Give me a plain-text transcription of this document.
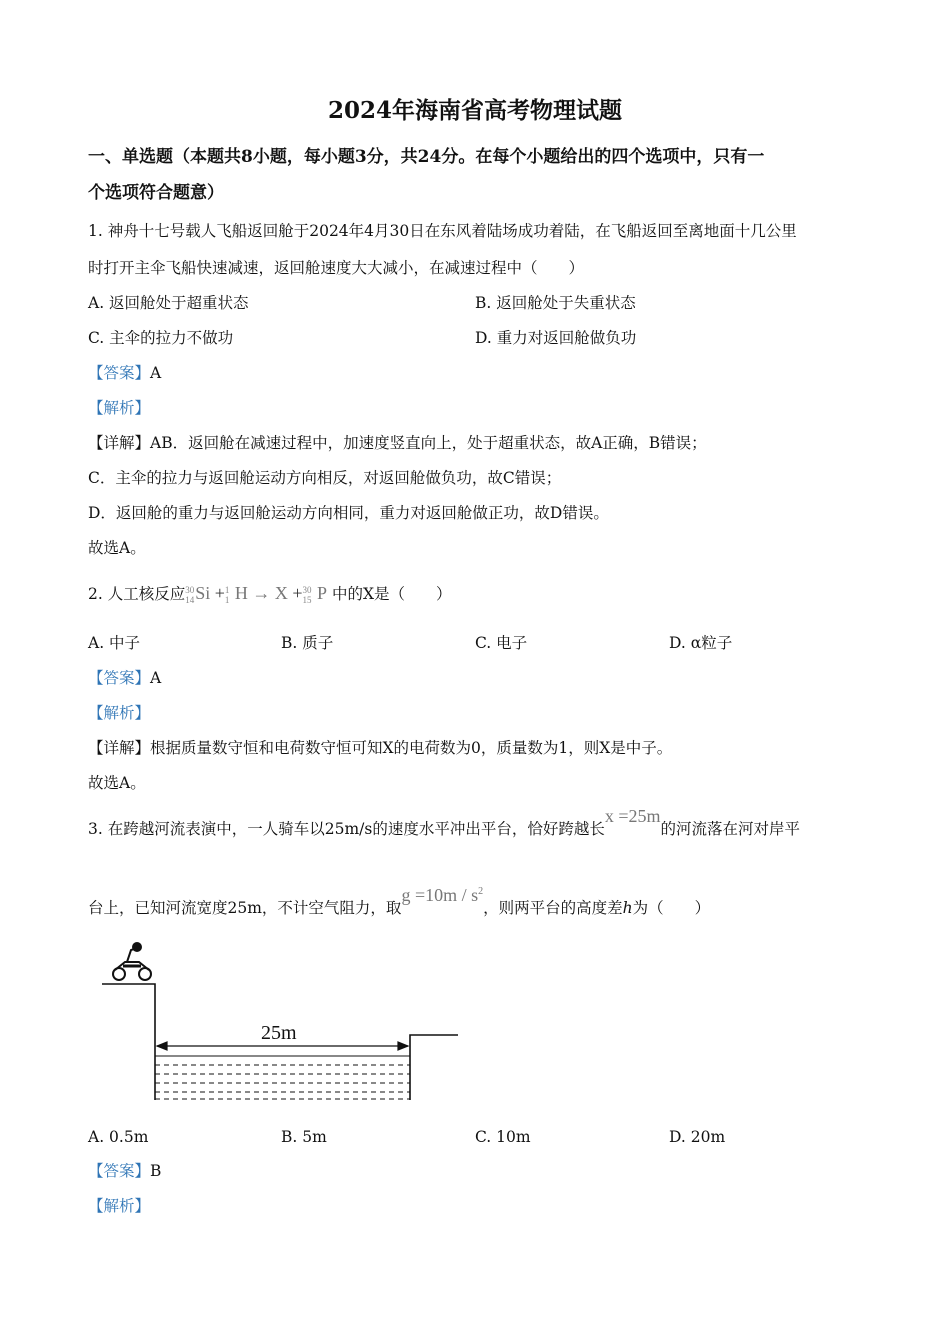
2024年海南省高考物理试题
一、单选题（本题共8小题，每小题3分，共24分。在每个小题给出的四个选项中，只有一
个选项符合题意）
1. 神舟十七号载人飞船返回舱于2024年4月30日在东风着陆场成功着陆，在飞船返回至离地面十几公里
时打开主伞飞船快速减速，返回舱速度大大减小，在减速过程中（　　）
A. 返回舱处于超重状态	B. 返回舱处于失重状态
C. 主伞的拉力不做功	D. 重力对返回舱做负功
【答案】A
【解析】
【详解】AB．返回舱在减速过程中，加速度竖直向上，处于超重状态，故A正确，B错误；
C．主伞的拉力与返回舱运动方向相反，对返回舱做负功，故C错误；
D．返回舱的重力与返回舱运动方向相同，重力对返回舱做正功，故D错误。
故选A。
2. 人工核反应30
14Si +1
1 H → X +30
15 P 中的X是（　　）
A. 中子	B. 质子	C. 电子	D. α粒子
【答案】A
【解析】
【详解】根据质量数守恒和电荷数守恒可知X的电荷数为0，质量数为1，则X是中子。
故选A。
3. 在跨越河流表演中，一人骑车以25m/s的速度水平冲出平台，恰好跨越长x =25m的河流落在河对岸平
台上，已知河流宽度25m，不计空气阻力，取$g =10m / s^2$，则两平台的高度差h为（　　）
25m
A. 0.5m	B. 5m	C. 10m	D. 20m
【答案】B
【解析】
